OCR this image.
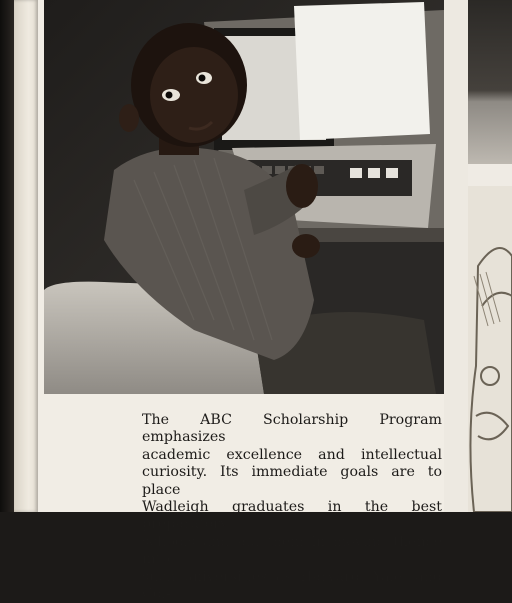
The ABC Scholarship Program emphasizes
academic excellence and intellectual
curiosity. Its immediate goals are to place
Wadleigh graduates in the best preparatory
schools and aid them in moving thence into
such universities as Harvard, Yale, and Col-
